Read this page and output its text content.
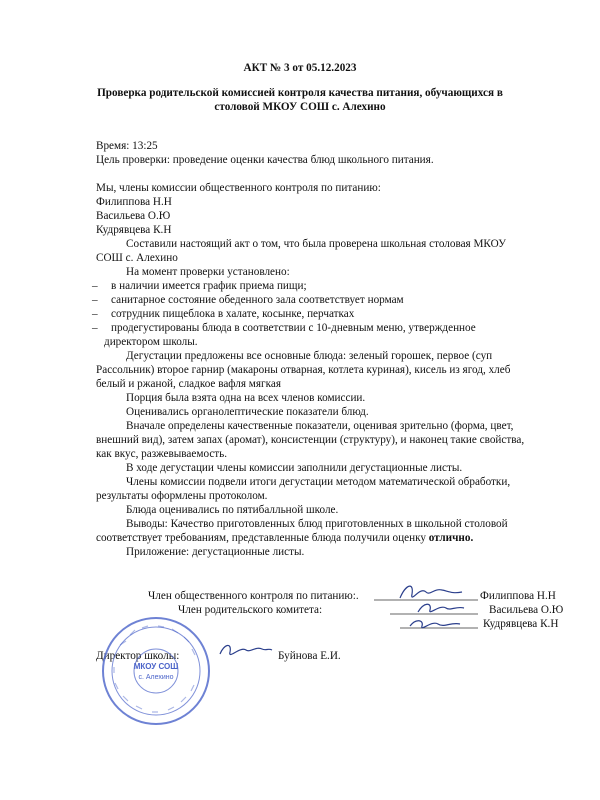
АКТ № 3 от 05.12.2023
Проверка родительской комиссией контроля качества питания, обучающихся в
столовой МКОУ СОШ с. Алехино
Время: 13:25
Цель проверки: проведение оценки качества блюд школьного питания.
Мы, члены комиссии общественного контроля по питанию:
Филиппова Н.Н
Васильева О.Ю
Кудрявцева К.Н
Составили настоящий акт о том, что была проверена школьная столовая МКОУ
СОШ с. Алехино
На момент проверки установлено:
– в наличии имеется график приема пищи;
– санитарное состояние обеденного зала соответствует нормам
– сотрудник пищеблока в халате, косынке, перчатках
– продегустированы блюда в соответствии с 10-дневным меню, утвержденное
директором школы.
Дегустации предложены все основные блюда: зеленый горошек, первое (суп
Рассольник) второе гарнир (макароны отварная, котлета куриная), кисель из ягод, хлеб
белый и ржаной, сладкое вафля мягкая
Порция была взята одна на всех членов комиссии.
Оценивались органолептические показатели блюд.
Вначале определены качественные показатели, оценивая зрительно (форма, цвет,
внешний вид), затем запах (аромат), консистенции (структуру), и наконец такие свойства,
как вкус, разжевываемость.
В ходе дегустации члены комиссии заполнили дегустационные листы.
Члены комиссии подвели итоги дегустации методом математической обработки,
результаты оформлены протоколом.
Блюда оценивались по пятибалльной школе.
Выводы: Качество приготовленных блюд приготовленных в школьной столовой
соответствует требованиям, представленные блюда получили оценку отлично.
Приложение: дегустационные листы.
Член общественного контроля по питанию:.
Член родительского комитета:
Филиппова Н.Н
Васильева О.Ю
Кудрявцева К.Н
Директор школы:	Буйнова Е.И.
МКОУ СОШ
с. Алехино
